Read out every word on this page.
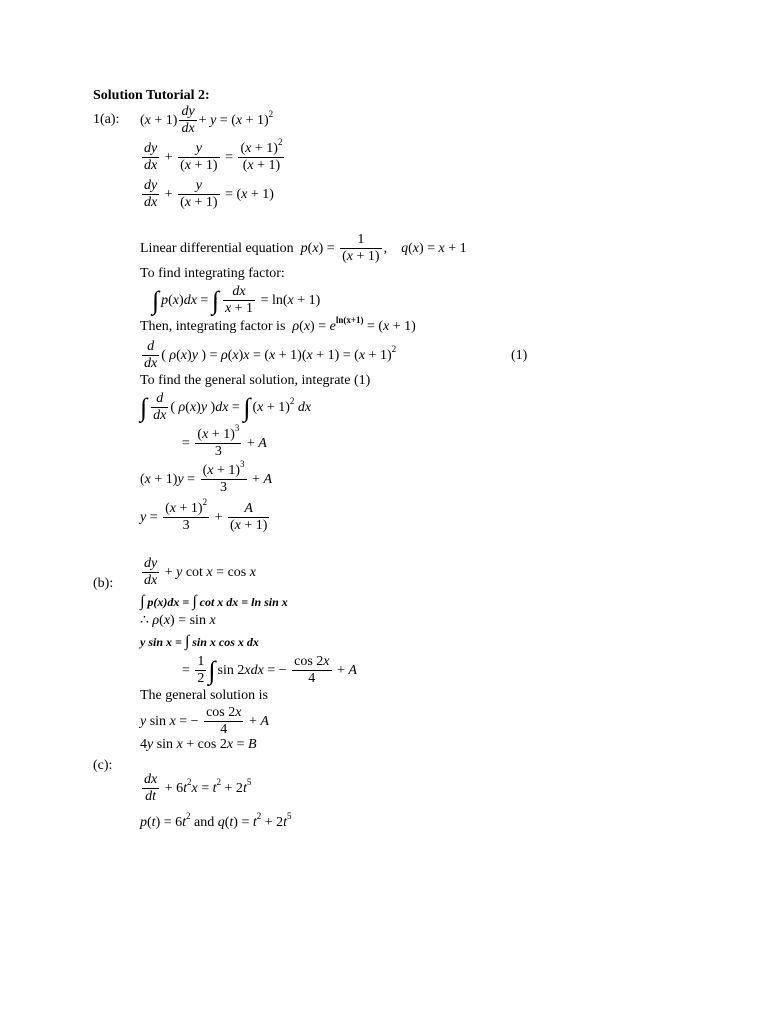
Solution Tutorial 2:
1(a): $(x + 1) \frac{dy}{dx} + y = (x + 1)^2$
$\frac{dy}{dx} + \frac{y}{(x + 1)} = \frac{(x + 1)^2}{(x + 1)}$
$\frac{dy}{dx} + \frac{y}{(x + 1)} = (x + 1)$
Linear differential equation $p(x) = \frac{1}{(x + 1)}$ ,    q(x) = x + 1
To find integrating factor:
∫ p(x)dx = ∫ $\frac{dx}{x + 1} = \ln(x + 1)$
Then, integrating factor is $\rho(x) = e^{ln(x+1)} = (x + 1)$
$\frac{d}{dx}$ ( ρ(x)y ) = $\rho(x)x = (x + 1)(x + 1) = (x + 1)^2$	(1)
To find the general solution, integrate (1)
∫ $\frac{d}{dx}$ ( ρ(x)y )dx = ∫ $(x + 1)^2$ dx
= $\frac{(x + 1)^3}{3} + A$
$(x + 1)y = \frac{(x + 1)^3}{3} + A$
$y = \frac{(x + 1)^2}{3} + \frac{A}{(x + 1)}$
(b): $\frac{dy}{dx} + y$ cot x = cos x
∫ p(x)dx = ∫ cot x dx = ln sin x
∴ ρ(x) = sin x
y sin x = ∫ sin x cos x dx
= $\frac{1}{2}$ ∫ sin 2xdx = − $\frac{\cos 2x}{4} + A$
The general solution is
y sin x = − $\frac{\cos 2x}{4} + A$
4y sin x + cos 2x = B
(c):
$\frac{dx}{dt} + 6t^2x = t^2 + 2t^5$
$p(t) = 6t^2$ and $q(t) = t^2 + 2t^5$
